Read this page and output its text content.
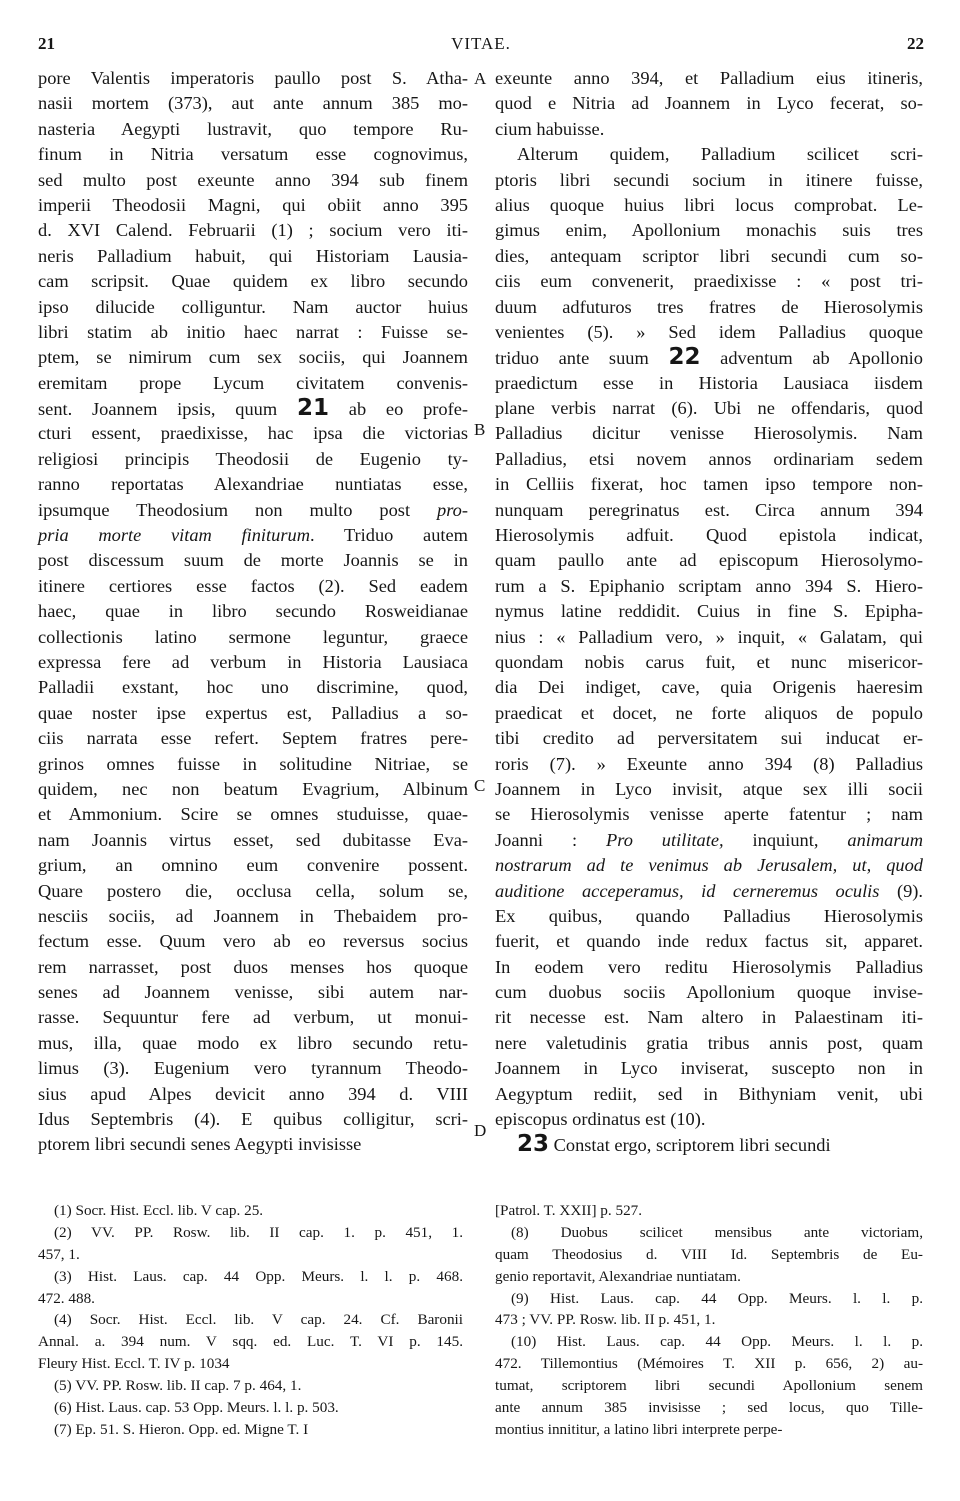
21	VITAE.	22
pore Valentis imperatoris paullo post S. Atha-
nasii mortem (373), aut ante annum 385 mo-
nasteria Aegypti lustravit, quo tempore Ru-
finum in Nitria versatum esse cognovimus,
sed multo post exeunte anno 394 sub finem
imperii Theodosii Magni, qui obiit anno 395
d. XVI Calend. Februarii (1) ; socium vero iti-
neris Palladium habuit, qui Historiam Lausia-
cam scripsit. Quae quidem ex libro secundo
ipso dilucide colliguntur. Nam auctor huius
libri statim ab initio haec narrat : Fuisse se-
ptem, se nimirum cum sex sociis, qui Joannem
eremitam prope Lycum civitatem convenis-
sent. Joannem ipsis, quum 21 ab eo profe-
cturi essent, praedixisse, hac ipsa die victorias
religiosi principis Theodosii de Eugenio ty-
ranno reportatas Alexandriae nuntiatas esse,
ipsumque Theodosium non multo post pro-
pria morte vitam finiturum. Triduo autem
post discessum suum de morte Joannis se in
itinere certiores esse factos (2). Sed eadem
haec, quae in libro secundo Rosweidianae
collectionis latino sermone leguntur, graece
expressa fere ad verbum in Historia Lausiaca
Palladii exstant, hoc uno discrimine, quod,
quae noster ipse expertus est, Palladius a so-
ciis narrata esse refert. Septem fratres pere-
grinos omnes fuisse in solitudine Nitriae, se
quidem, nec non beatum Evagrium, Albinum
et Ammonium. Scire se omnes studuisse, quae-
nam Joannis virtus esset, sed dubitasse Eva-
grium, an omnino eum convenire possent.
Quare postero die, occlusa cella, solum se,
nesciis sociis, ad Joannem in Thebaidem pro-
fectum esse. Quum vero ab eo reversus socius
rem narrasset, post duos menses hos quoque
senes ad Joannem venisse, sibi autem nar-
rasse. Sequuntur fere ad verbum, ut monui-
mus, illa, quae modo ex libro secundo retu-
limus (3). Eugenium vero tyrannum Theodo-
sius apud Alpes devicit anno 394 d. VIII
Idus Septembris (4). E quibus colligitur, scri-
ptorem libri secundi senes Aegypti invisisse
exeunte anno 394, et Palladium eius itineris,
quod e Nitria ad Joannem in Lyco fecerat, so-
cium habuisse.
Alterum quidem, Palladium scilicet scri-
ptoris libri secundi socium in itinere fuisse,
alius quoque huius libri locus comprobat. Le-
gimus enim, Apollonium monachis suis tres
dies, antequam scriptor libri secundi cum so-
ciis eum convenerit, praedixisse : « post tri-
duum adfuturos tres fratres de Hierosolymis
venientes (5). » Sed idem Palladius quoque
triduo ante suum 22 adventum ab Apollonio
praedictum esse in Historia Lausiaca iisdem
plane verbis narrat (6). Ubi ne offendaris, quod
Palladius dicitur venisse Hierosolymis. Nam
Palladius, etsi novem annos ordinariam sedem
in Celliis fixerat, hoc tamen ipso tempore non-
nunquam peregrinatus est. Circa annum 394
Hierosolymis adfuit. Quod epistola indicat,
quam paullo ante ad episcopum Hierosolymo-
rum a S. Epiphanio scriptam anno 394 S. Hiero-
nymus latine reddidit. Cuius in fine S. Epipha-
nius : « Palladium vero, » inquit, « Galatam, qui
quondam nobis carus fuit, et nunc misericor-
dia Dei indiget, cave, quia Origenis haeresim
praedicat et docet, ne forte aliquos de populo
tibi credito ad perversitatem sui inducat er-
roris (7). » Exeunte anno 394 (8) Palladius
Joannem in Lyco invisit, atque sex illi socii
se Hierosolymis venisse aperte fatentur ; nam
Joanni : Pro utilitate, inquiunt, animarum
nostrarum ad te venimus ab Jerusalem, ut, quod
auditione acceperamus, id cerneremus oculis (9).
Ex quibus, quando Palladius Hierosolymis
fuerit, et quando inde redux factus sit, apparet.
In eodem vero reditu Hierosolymis Palladius
cum duobus sociis Apollonium quoque invise-
rit necesse est. Nam altero in Palaestinam iti-
nere valetudinis gratia tribus annis post, quam
Joannem in Lyco inviserat, suscepto non in
Aegyptum rediit, sed in Bithyniam venit, ubi
episcopus ordinatus est (10).
23 Constat ergo, scriptorem libri secundi
A
B
C
D
(1) Socr. Hist. Eccl. lib. V cap. 25.
(2) VV. PP. Rosw. lib. II cap. 1. p. 451, 1.
457, 1.
(3) Hist. Laus. cap. 44 Opp. Meurs. l. l. p. 468.
472. 488.
(4) Socr. Hist. Eccl. lib. V cap. 24. Cf. Baronii
Annal. a. 394 num. V sqq. ed. Luc. T. VI p. 145.
Fleury Hist. Eccl. T. IV p. 1034
(5) VV. PP. Rosw. lib. II cap. 7 p. 464, 1.
(6) Hist. Laus. cap. 53 Opp. Meurs. l. l. p. 503.
(7) Ep. 51. S. Hieron. Opp. ed. Migne T. I
[Patrol. T. XXII] p. 527.
(8) Duobus scilicet mensibus ante victoriam,
quam Theodosius d. VIII Id. Septembris de Eu-
genio reportavit, Alexandriae nuntiatam.
(9) Hist. Laus. cap. 44 Opp. Meurs. l. l. p.
473 ; VV. PP. Rosw. lib. II p. 451, 1.
(10) Hist. Laus. cap. 44 Opp. Meurs. l. l. p.
472. Tillemontius (Mémoires T. XII p. 656, 2) au-
tumat, scriptorem libri secundi Apollonium senem
ante annum 385 invisisse ; sed locus, quo Tille-
montius innititur, a latino libri interprete perpe-
